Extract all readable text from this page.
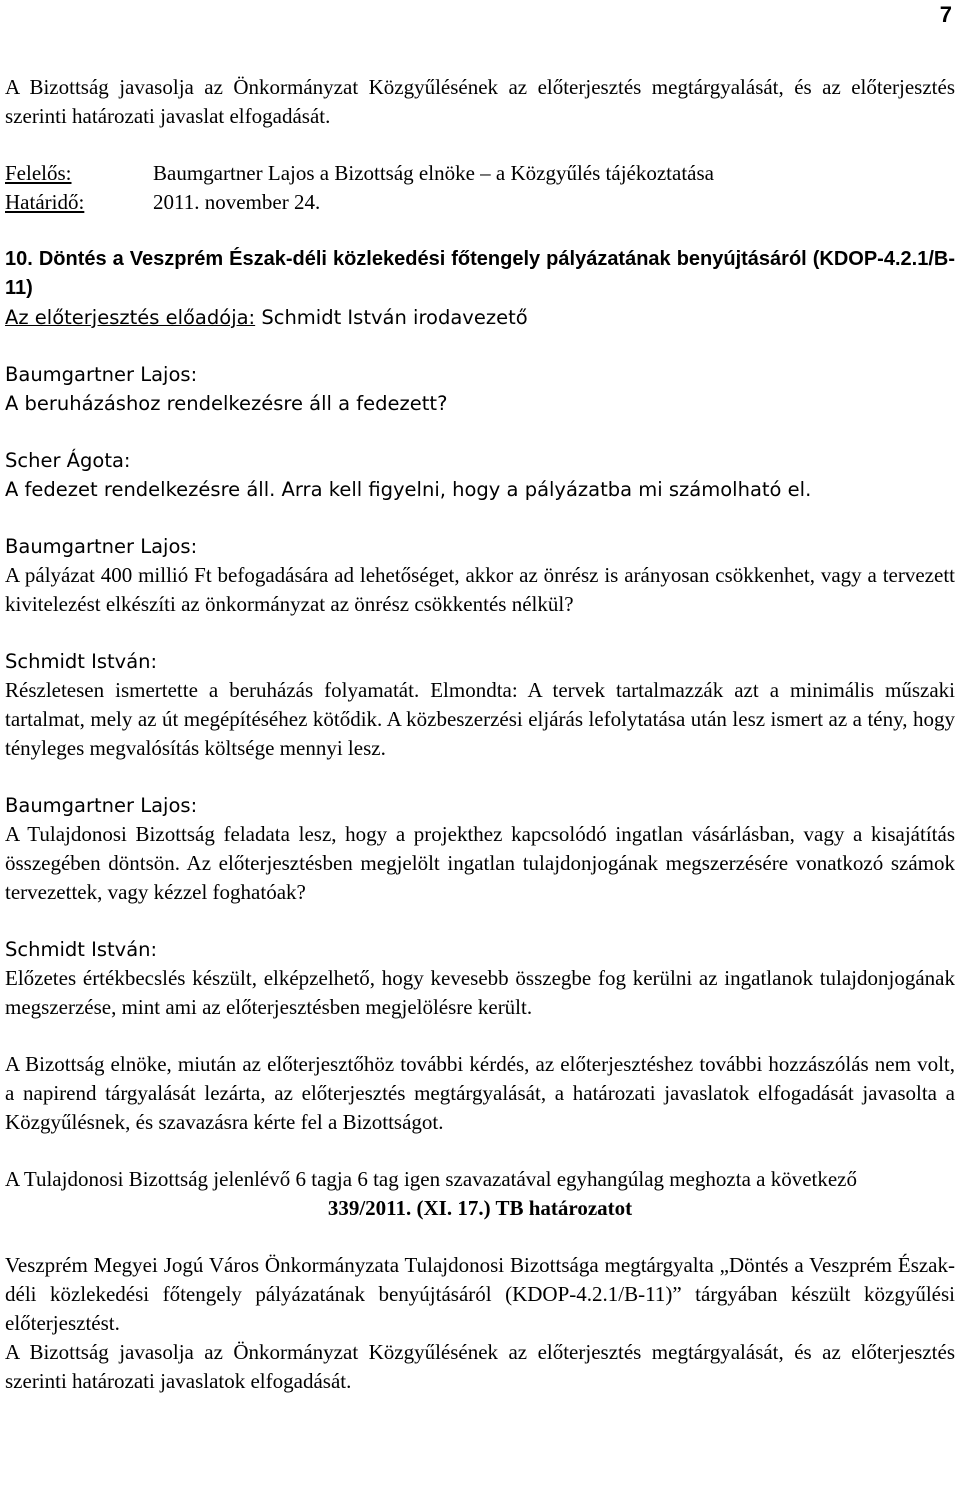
7

A Bizottság javasolja az Önkormányzat Közgyűlésének az előterjesztés megtárgyalását, és az előterjesztés szerinti határozati javaslat elfogadását.

Felelős:	Baumgartner Lajos a Bizottság elnöke – a Közgyűlés tájékoztatása
Határidő:	2011. november 24.

10. Döntés a Veszprém Észak-déli közlekedési főtengely pályázatának benyújtásáról (KDOP-4.2.1/B-11)

Az előterjesztés előadója: Schmidt István irodavezető

Baumgartner Lajos:

A beruházáshoz rendelkezésre áll a fedezett?

Scher Ágota:

A fedezet rendelkezésre áll. Arra kell figyelni, hogy a pályázatba mi számolható el.

Baumgartner Lajos:

A pályázat 400 millió Ft befogadására ad lehetőséget, akkor az önrész is arányosan csökkenhet, vagy a tervezett kivitelezést elkészíti az önkormányzat az önrész csökkentés nélkül?

Schmidt István:

Részletesen ismertette a beruházás folyamatát. Elmondta: A tervek tartalmazzák azt a minimális műszaki tartalmat, mely az út megépítéséhez kötődik. A közbeszerzési eljárás lefolytatása után lesz ismert az a tény, hogy tényleges megvalósítás költsége mennyi lesz.

Baumgartner Lajos:

A Tulajdonosi Bizottság feladata lesz, hogy a projekthez kapcsolódó ingatlan vásárlásban, vagy a kisajátítás összegében döntsön. Az előterjesztésben megjelölt ingatlan tulajdonjogának megszerzésére vonatkozó számok tervezettek, vagy kézzel foghatóak?

Schmidt István:

Előzetes értékbecslés készült, elképzelhető, hogy kevesebb összegbe fog kerülni az ingatlanok tulajdonjogának megszerzése, mint ami az előterjesztésben megjelölésre került.

A Bizottság elnöke, miután az előterjesztőhöz további kérdés, az előterjesztéshez további hozzászólás nem volt, a napirend tárgyalását lezárta, az előterjesztés megtárgyalását, a határozati javaslatok elfogadását javasolta a Közgyűlésnek, és szavazásra kérte fel a Bizottságot.

A Tulajdonosi Bizottság jelenlévő 6 tagja 6 tag igen szavazatával egyhangúlag meghozta a következő

339/2011. (XI. 17.) TB határozatot

Veszprém Megyei Jogú Város Önkormányzata Tulajdonosi Bizottsága megtárgyalta „Döntés a Veszprém Észak-déli közlekedési főtengely pályázatának benyújtásáról (KDOP-4.2.1/B-11)” tárgyában készült közgyűlési előterjesztést.

A Bizottság javasolja az Önkormányzat Közgyűlésének az előterjesztés megtárgyalását, és az előterjesztés szerinti határozati javaslatok elfogadását.
